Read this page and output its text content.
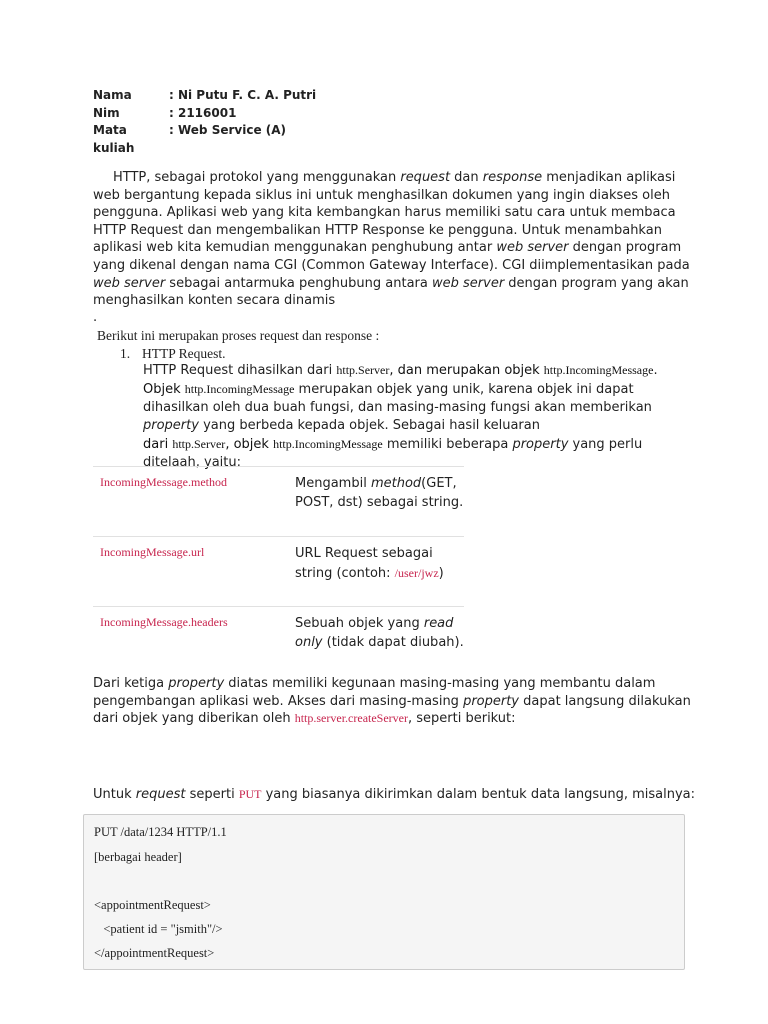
Nama	: Ni Putu F. C. A. Putri
Nim	: 2116001
Mata kuliah
: Web Service (A)

HTTP, sebagai protokol yang menggunakan request dan response menjadikan aplikasi web bergantung kepada siklus ini untuk menghasilkan dokumen yang ingin diakses oleh pengguna. Aplikasi web yang kita kembangkan harus memiliki satu cara untuk membaca HTTP Request dan mengembalikan HTTP Response ke pengguna. Untuk menambahkan aplikasi web kita kemudian menggunakan penghubung antar web server dengan program yang dikenal dengan nama CGI (Common Gateway Interface). CGI diimplementasikan pada web server sebagai antarmuka penghubung antara web server dengan program yang akan menghasilkan konten secara dinamis

.
Berikut ini merupakan proses request dan response :
1. HTTP Request.

HTTP Request dihasilkan dari http.Server, dan merupakan objek http.IncomingMessage.
Objek http.IncomingMessage merupakan objek yang unik, karena objek ini dapat dihasilkan oleh dua buah fungsi, dan masing-masing fungsi akan memberikan property yang berbeda kepada objek. Sebagai hasil keluaran
dari http.Server, objek http.IncomingMessage memiliki beberapa property yang perlu ditelaah, yaitu:

IncomingMessage.method	Mengambil method(GET, POST, dst) sebagai string.
IncomingMessage.url	URL Request sebagai string (contoh: /user/jwz)
IncomingMessage.headers	Sebuah objek yang read only (tidak dapat diubah).

Dari ketiga property diatas memiliki kegunaan masing-masing yang membantu dalam pengembangan aplikasi web. Akses dari masing-masing property dapat langsung dilakukan dari objek yang diberikan oleh http.server.createServer, seperti berikut:

Untuk request seperti PUT yang biasanya dikirimkan dalam bentuk data langsung, misalnya:

PUT /data/1234 HTTP/1.1
[berbagai header]
<appointmentRequest>
<patient id = "jsmith"/>
</appointmentRequest>
